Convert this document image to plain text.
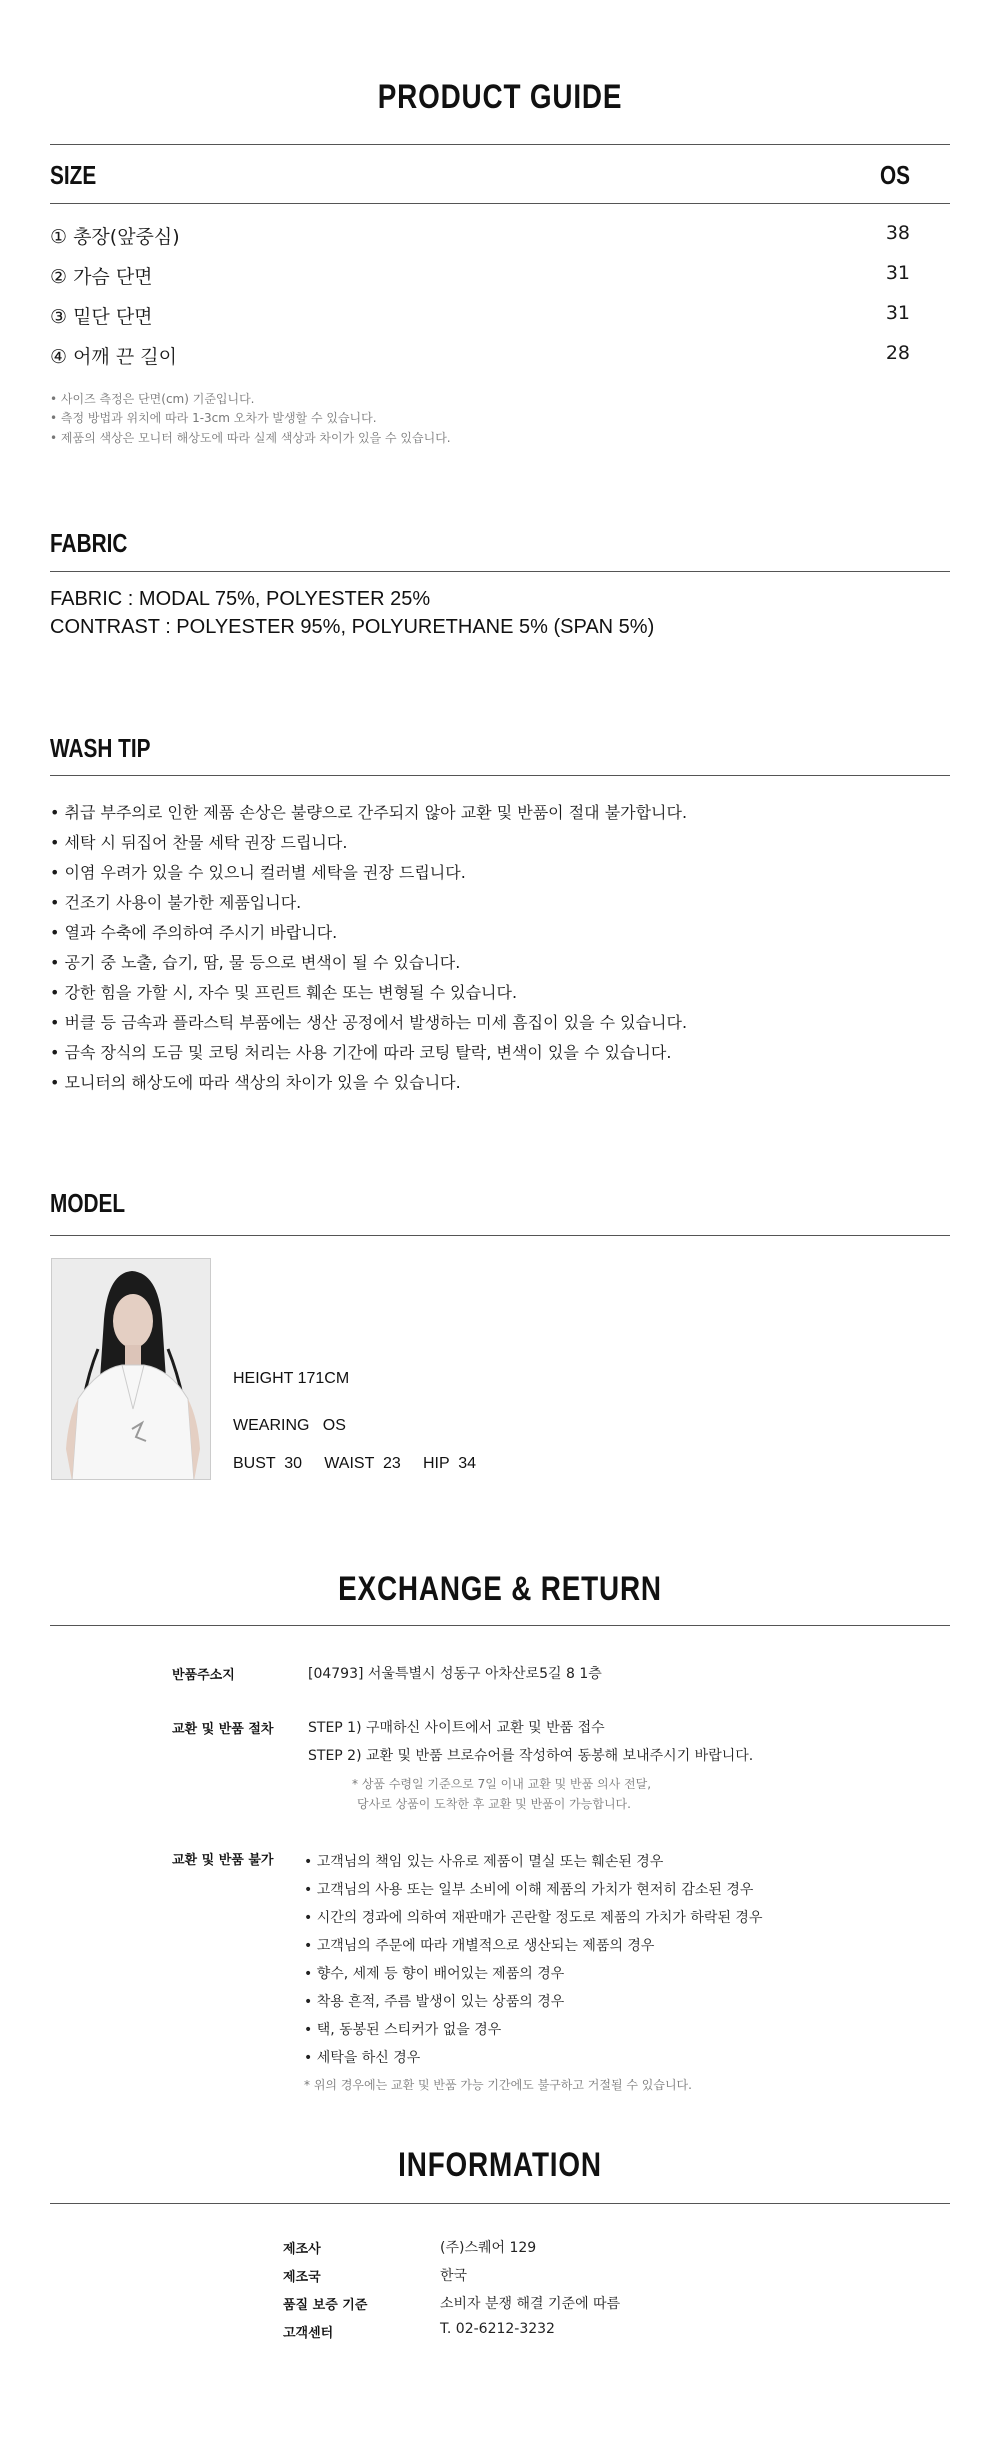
PRODUCT GUIDE
SIZE	OS
① 총장(앞중심)	38
② 가슴 단면	31
③ 밑단 단면	31
④ 어깨 끈 길이	28
• 사이즈 측정은 단면(cm) 기준입니다.
• 측정 방법과 위치에 따라 1-3cm 오차가 발생할 수 있습니다.
• 제품의 색상은 모니터 해상도에 따라 실제 색상과 차이가 있을 수 있습니다.
FABRIC
FABRIC : MODAL 75%, POLYESTER 25%
CONTRAST : POLYESTER 95%, POLYURETHANE 5% (SPAN 5%)
WASH TIP
• 취급 부주의로 인한 제품 손상은 불량으로 간주되지 않아 교환 및 반품이 절대 불가합니다.
• 세탁 시 뒤집어 찬물 세탁 권장 드립니다.
• 이염 우려가 있을 수 있으니 컬러별 세탁을 권장 드립니다.
• 건조기 사용이 불가한 제품입니다.
• 열과 수축에 주의하여 주시기 바랍니다.
• 공기 중 노출, 습기, 땀, 물 등으로 변색이 될 수 있습니다.
• 강한 힘을 가할 시, 자수 및 프린트 훼손 또는 변형될 수 있습니다.
• 버클 등 금속과 플라스틱 부품에는 생산 공정에서 발생하는 미세 흠집이 있을 수 있습니다.
• 금속 장식의 도금 및 코팅 처리는 사용 기간에 따라 코팅 탈락, 변색이 있을 수 있습니다.
• 모니터의 해상도에 따라 색상의 차이가 있을 수 있습니다.
MODEL
HEIGHT 171CM
WEARING   OS
BUST  30     WAIST  23     HIP  34
EXCHANGE & RETURN
반품주소지	[04793] 서울특별시 성동구 아차산로5길 8 1층
교환 및 반품 절차 STEP 1) 구매하신 사이트에서 교환 및 반품 접수
STEP 2) 교환 및 반품 브로슈어를 작성하여 동봉해 보내주시기 바랍니다.
* 상품 수령일 기준으로 7일 이내 교환 및 반품 의사 전달,
당사로 상품이 도착한 후 교환 및 반품이 가능합니다.
교환 및 반품 불가 • 고객님의 책임 있는 사유로 제품이 멸실 또는 훼손된 경우
• 고객님의 사용 또는 일부 소비에 이해 제품의 가치가 현저히 감소된 경우
• 시간의 경과에 의하여 재판매가 곤란할 정도로 제품의 가치가 하락된 경우
• 고객님의 주문에 따라 개별적으로 생산되는 제품의 경우
• 향수, 세제 등 향이 배어있는 제품의 경우
• 착용 흔적, 주름 발생이 있는 상품의 경우
• 택, 동봉된 스티커가 없을 경우
• 세탁을 하신 경우
* 위의 경우에는 교환 및 반품 가능 기간에도 불구하고 거절될 수 있습니다.
INFORMATION
제조사	(주)스퀘어 129
제조국	한국
품질 보증 기준	소비자 분쟁 해결 기준에 따름
고객센터	T. 02-6212-3232
